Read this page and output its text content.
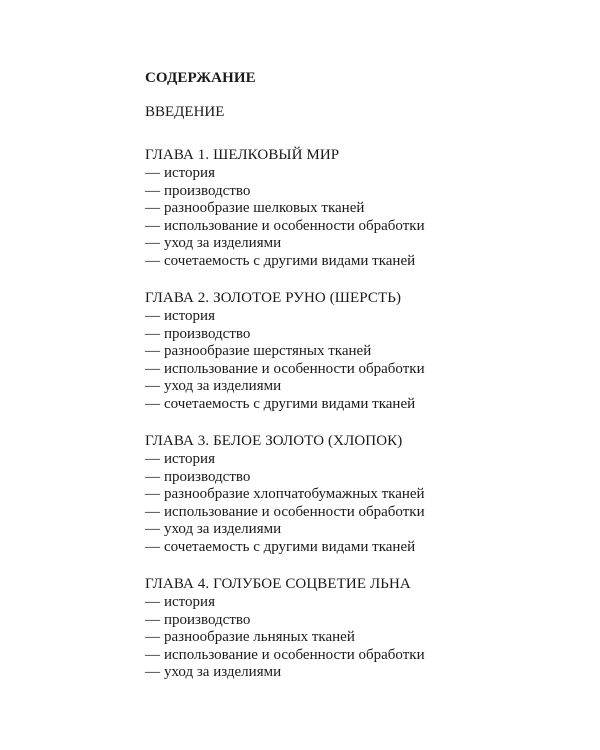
СОДЕРЖАНИЕ
ВВЕДЕНИЕ
ГЛАВА 1. ШЕЛКОВЫЙ МИР
— история
— производство
— разнообразие шелковых тканей
— использование и особенности обработки
— уход за изделиями
— сочетаемость с другими видами тканей
ГЛАВА 2. ЗОЛОТОЕ РУНО (ШЕРСТЬ)
— история
— производство
— разнообразие шерстяных тканей
— использование и особенности обработки
— уход за изделиями
— сочетаемость с другими видами тканей
ГЛАВА 3. БЕЛОЕ ЗОЛОТО (ХЛОПОК)
— история
— производство
— разнообразие хлопчатобумажных тканей
— использование и особенности обработки
— уход за изделиями
— сочетаемость с другими видами тканей
ГЛАВА 4. ГОЛУБОЕ СОЦВЕТИЕ ЛЬНА
— история
— производство
— разнообразие льняных тканей
— использование и особенности обработки
— уход за изделиями
